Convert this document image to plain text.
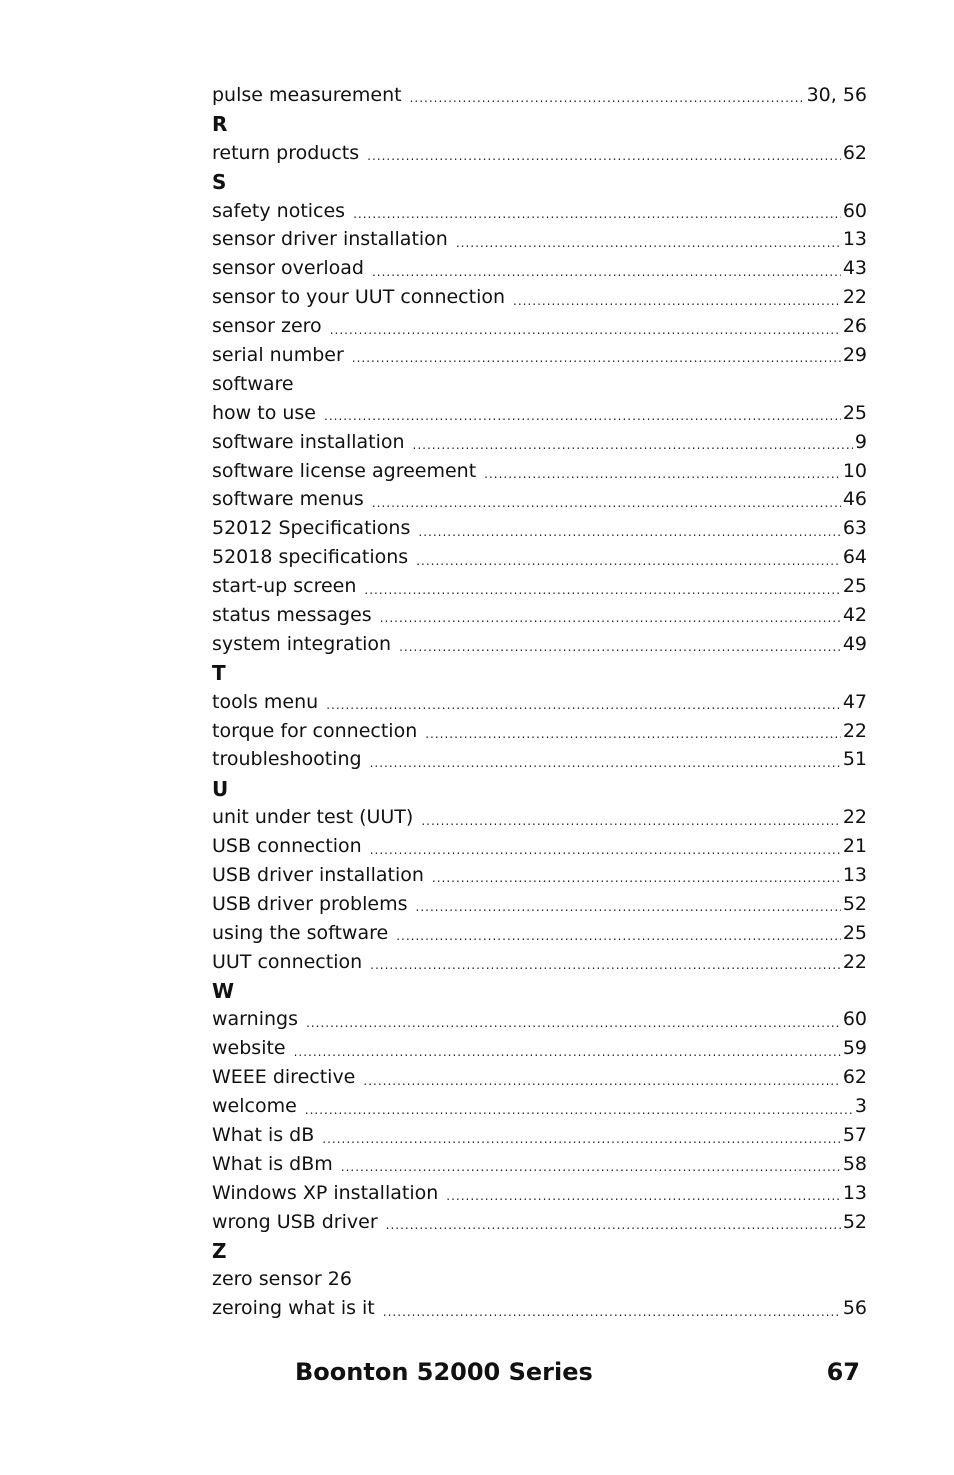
pulse measurement .....	30, 56
R
return products .....	62
S
safety notices .....	60
sensor driver installation .....	13
sensor overload .....	43
sensor to your UUT connection .....	22
sensor zero .....	26
serial number .....	29
software
how to use .....	25
software installation .....	9
software license agreement .....	10
software menus .....	46
52012 Specifications .....	63
52018 specifications .....	64
start-up screen .....	25
status messages .....	42
system integration .....	49
T
tools menu .....	47
torque for connection .....	22
troubleshooting .....	51
U
unit under test (UUT) .....	22
USB connection .....	21
USB driver installation .....	13
USB driver problems .....	52
using the software .....	25
UUT connection .....	22
W
warnings .....	60
website .....	59
WEEE directive .....	62
welcome .....	3
What is dB .....	57
What is dBm .....	58
Windows XP installation .....	13
wrong USB driver .....	52
Z
zero sensor 26
zeroing what is it .....	56
Boonton 52000 Series	67
